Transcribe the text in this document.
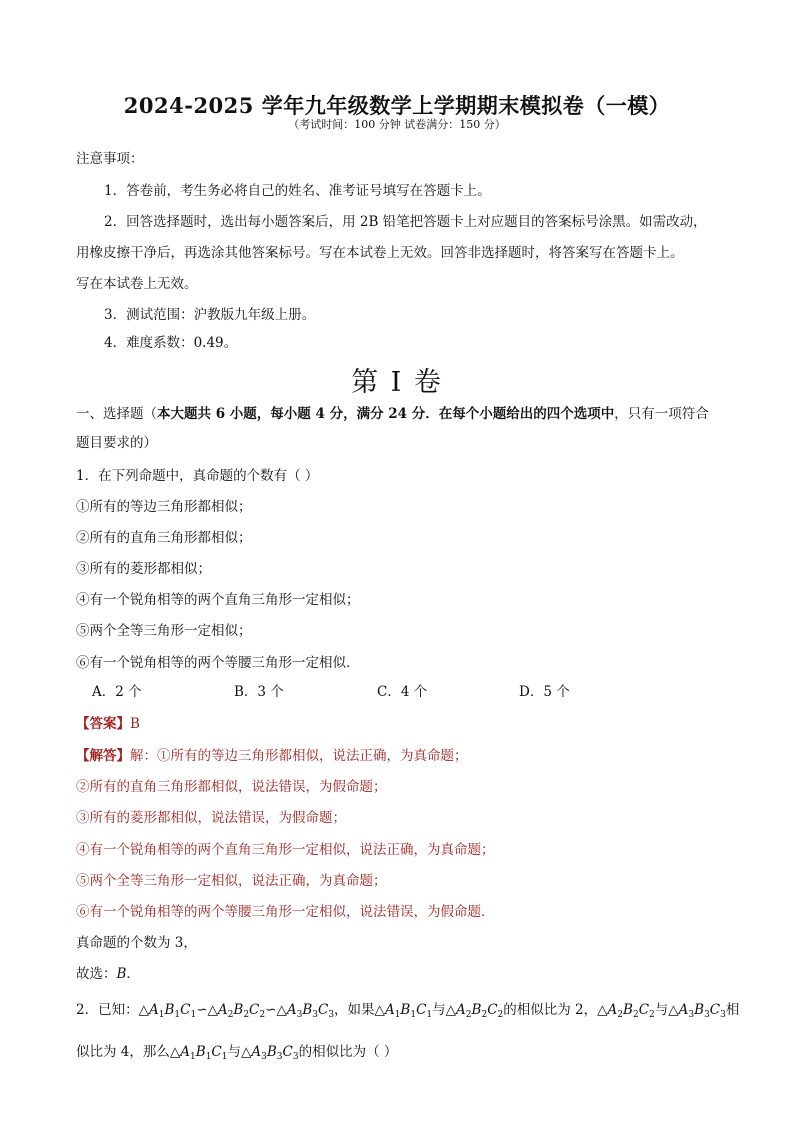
2024-2025 学年九年级数学上学期期末模拟卷（一模）
（考试时间：100 分钟 试卷满分：150 分）
注意事项：
1．答卷前，考生务必将自己的姓名、准考证号填写在答题卡上。
2．回答选择题时，选出每小题答案后，用 2B 铅笔把答题卡上对应题目的答案标号涂黑。如需改动，
用橡皮擦干净后，再选涂其他答案标号。写在本试卷上无效。回答非选择题时，将答案写在答题卡上。
写在本试卷上无效。
3．测试范围：沪教版九年级上册。
4．难度系数：0.49。
第 I 卷
一、选择题（本大题共 6 小题，每小题 4 分，满分 24 分．在每个小题给出的四个选项中，只有一项符合
题目要求的）
1．在下列命题中，真命题的个数有（ ）
①所有的等边三角形都相似；
②所有的直角三角形都相似；
③所有的菱形都相似；
④有一个锐角相等的两个直角三角形一定相似；
⑤两个全等三角形一定相似；
⑥有一个锐角相等的两个等腰三角形一定相似．
A．2 个	B．3 个	C．4 个	D．5 个
【答案】B
【解答】解：①所有的等边三角形都相似，说法正确，为真命题；
②所有的直角三角形都相似，说法错误，为假命题；
③所有的菱形都相似，说法错误，为假命题；
④有一个锐角相等的两个直角三角形一定相似，说法正确，为真命题；
⑤两个全等三角形一定相似，说法正确，为真命题；
⑥有一个锐角相等的两个等腰三角形一定相似，说法错误，为假命题．
真命题的个数为 3，
故选：B．
2．已知：$\triangle A_1B_1C_1∽\triangle A_2B_2C_2∽\triangle A_3B_3C_3$，如果$\triangle A_1B_1C_1$与$\triangle A_2B_2C_2$的相似比为 2，$\triangle A_2B_2C_2$与$\triangle A_3B_3C_3$相
似比为 4，那么$\triangle A_1B_1C_1$与$\triangle A_3B_3C_3$的相似比为（ ）
